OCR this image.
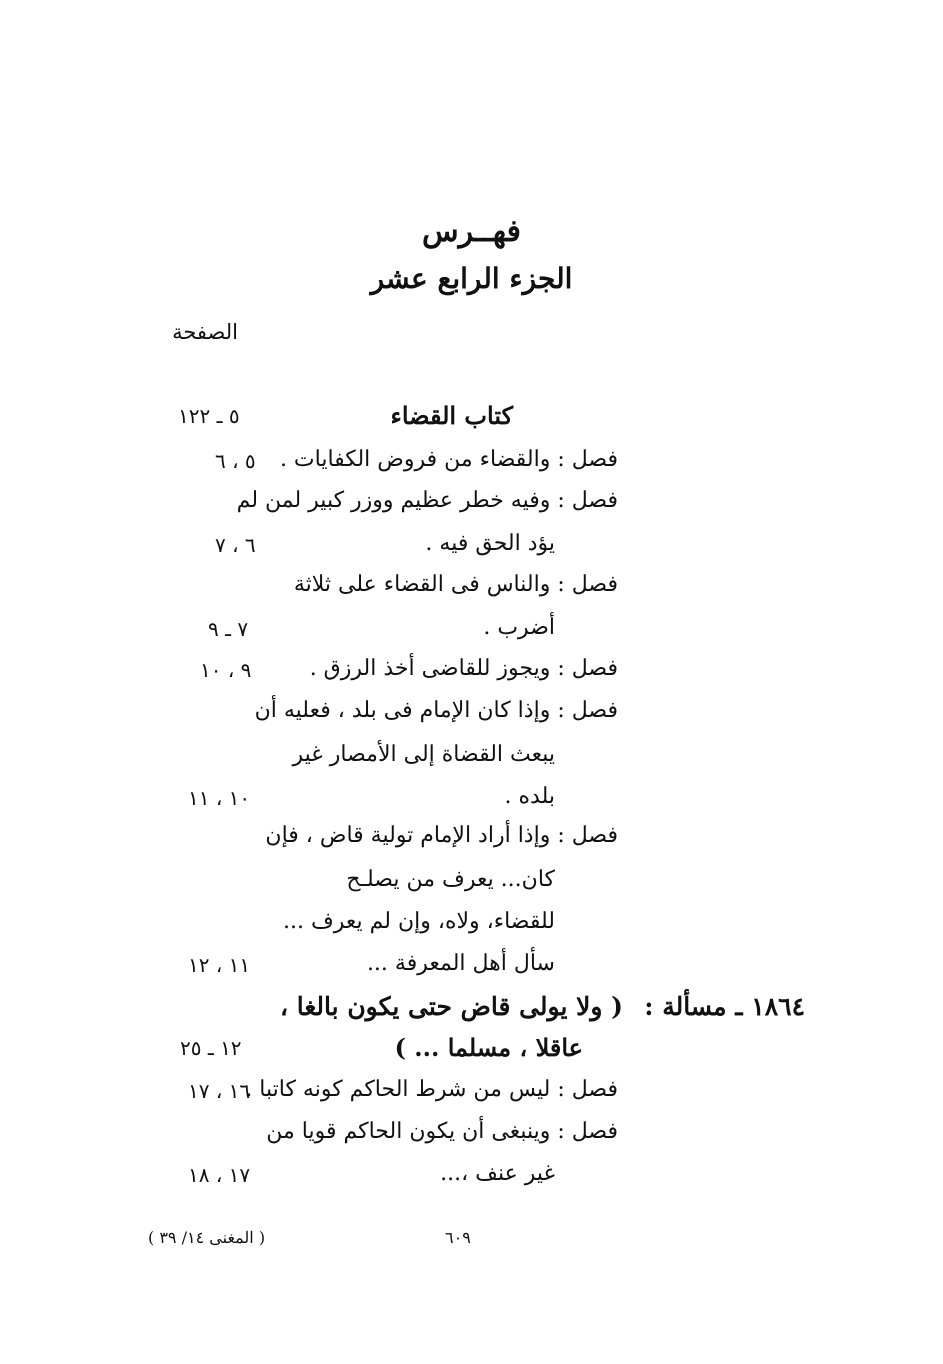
فهــرس
الجزء الرابع عشر
الصفحة
كتاب القضاء
٥ ـ ١٢٢
فصل : والقضاء من فروض الكفايات .
٥ ، ٦
فصل : وفيه خطر عظيم ووزر كبير لمن لم
يؤد الحق فيه .
٦ ، ٧
فصل : والناس فى القضاء على ثلاثة
أضرب .
٧ ـ ٩
فصل : ويجوز للقاضى أخذ الرزق .
٩ ، ١٠
فصل : وإذا كان الإمام فى بلد ، فعليه أن
يبعث القضاة إلى الأمصار غير
بلده .
١٠ ، ١١
فصل : وإذا أراد الإمام تولية قاض ، فإن
كان... يعرف من يصلـح
للقضاء، ولاه، وإن لم يعرف ...
سأل أهل المعرفة ...
١١ ، ١٢
١٨٦٤ ـ مسألة :
( ولا يولى قاض حتى يكون بالغا ،
عاقلا ، مسلما ... )
١٢ ـ ٢٥
فصل : ليس من شرط الحاكم كونه كاتبا .
١٦ ، ١٧
فصل : وينبغى أن يكون الحاكم قويا من
غير عنف ،...
١٧ ، ١٨
٦٠٩
( المغنى ١٤/ ٣٩ )
